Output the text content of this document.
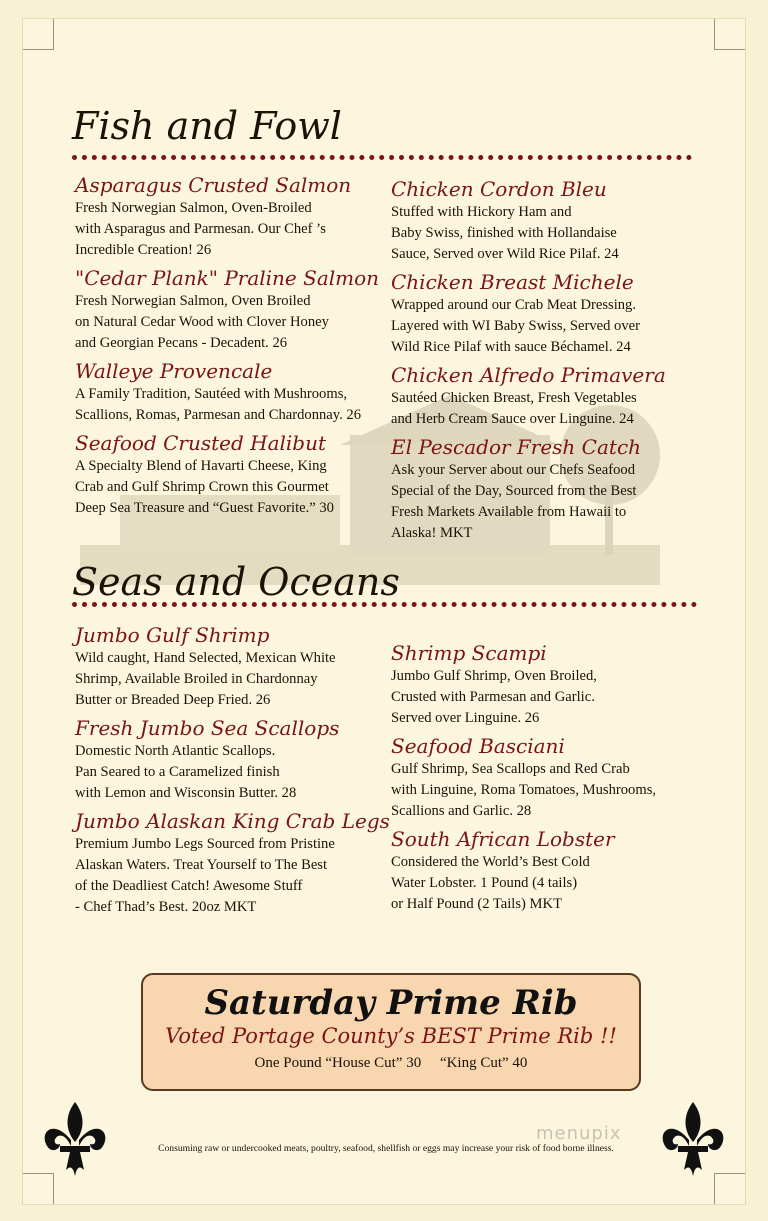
Fish and Fowl
Asparagus Crusted Salmon
Fresh Norwegian Salmon, Oven-Broiled
with Asparagus and Parmesan. Our Chef ’s
Incredible Creation! 26
"Cedar Plank" Praline Salmon
Fresh Norwegian Salmon, Oven Broiled
on Natural Cedar Wood with Clover Honey
and Georgian Pecans - Decadent. 26
Walleye Provencale
A Family Tradition, Sautéed with Mushrooms,
Scallions, Romas, Parmesan and Chardonnay. 26
Seafood Crusted Halibut
A Specialty Blend of Havarti Cheese, King
Crab and Gulf Shrimp Crown this Gourmet
Deep Sea Treasure and “Guest Favorite.” 30
Chicken Cordon Bleu
Stuffed with Hickory Ham and
Baby Swiss, finished with Hollandaise
Sauce, Served over Wild Rice Pilaf. 24
Chicken Breast Michele
Wrapped around our Crab Meat Dressing.
Layered with WI Baby Swiss, Served over
Wild Rice Pilaf with sauce Béchamel. 24
Chicken Alfredo Primavera
Sautéed Chicken Breast, Fresh Vegetables
and Herb Cream Sauce over Linguine. 24
El Pescador Fresh Catch
Ask your Server about our Chefs Seafood
Special of the Day, Sourced from the Best
Fresh Markets Available from Hawaii to
Alaska! MKT
Seas and Oceans
Jumbo Gulf Shrimp
Wild caught, Hand Selected, Mexican White
Shrimp, Available Broiled in Chardonnay
Butter or Breaded Deep Fried. 26
Fresh Jumbo Sea Scallops
Domestic North Atlantic Scallops.
Pan Seared to a Caramelized finish
with Lemon and Wisconsin Butter. 28
Jumbo Alaskan King Crab Legs
Premium Jumbo Legs Sourced from Pristine
Alaskan Waters. Treat Yourself to The Best
of the Deadliest Catch! Awesome Stuff
- Chef Thad’s Best. 20oz MKT
Shrimp Scampi
Jumbo Gulf Shrimp, Oven Broiled,
Crusted with Parmesan and Garlic.
Served over Linguine. 26
Seafood Basciani
Gulf Shrimp, Sea Scallops and Red Crab
with Linguine, Roma Tomatoes, Mushrooms,
Scallions and Garlic. 28
South African Lobster
Considered the World’s Best Cold
Water Lobster. 1 Pound (4 tails)
or Half Pound (2 Tails) MKT
Saturday Prime Rib
Voted Portage County’s BEST Prime Rib !!
One Pound “House Cut” 30     “King Cut” 40
menupix
Consuming raw or undercooked meats, poultry, seafood, shellfish or eggs may increase your risk of food borne illness.
